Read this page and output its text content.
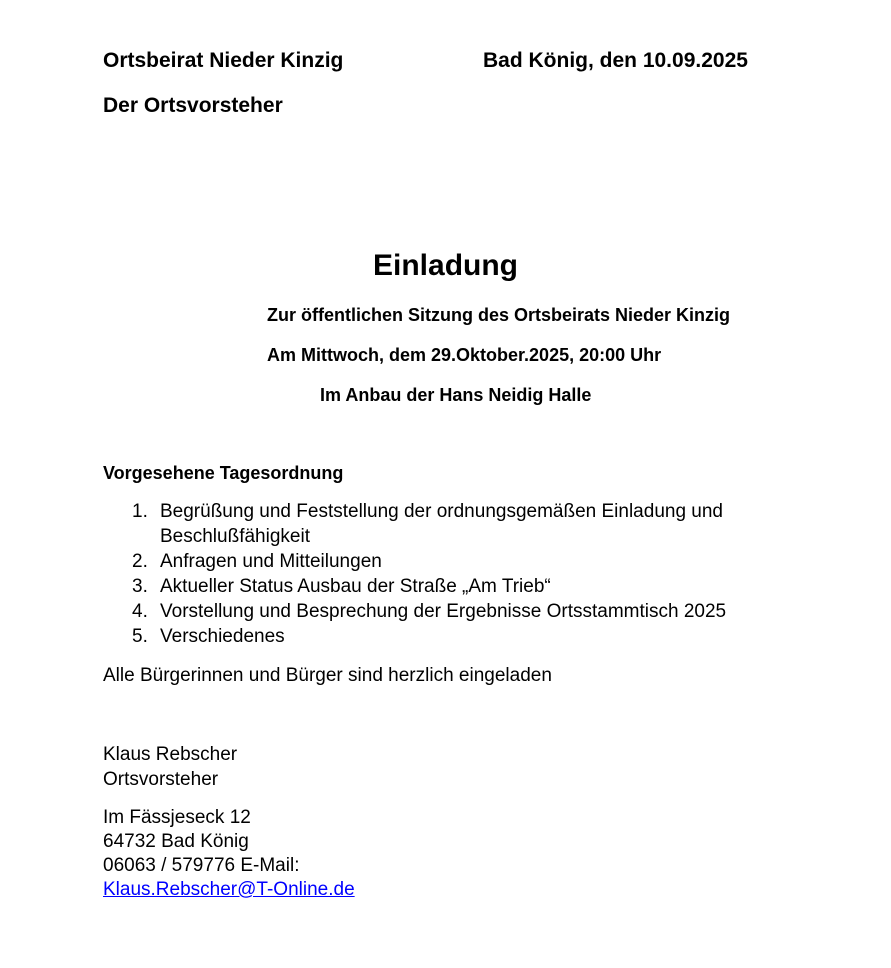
Ortsbeirat Nieder Kinzig	Bad König, den 10.09.2025
Der Ortsvorsteher
Einladung
Zur öffentlichen Sitzung des Ortsbeirats Nieder Kinzig
Am Mittwoch, dem 29.Oktober.2025, 20:00 Uhr
Im Anbau der Hans Neidig Halle
Vorgesehene Tagesordnung
1. Begrüßung und Feststellung der ordnungsgemäßen Einladung und Beschlußfähigkeit
2. Anfragen und Mitteilungen
3. Aktueller Status Ausbau der Straße „Am Trieb“
4. Vorstellung und Besprechung der Ergebnisse Ortsstammtisch 2025
5. Verschiedenes
Alle Bürgerinnen und Bürger sind herzlich eingeladen
Klaus Rebscher
Ortsvorsteher
Im Fässjeseck 12
64732 Bad König
06063 / 579776 E-Mail:
Klaus.Rebscher@T-Online.de
